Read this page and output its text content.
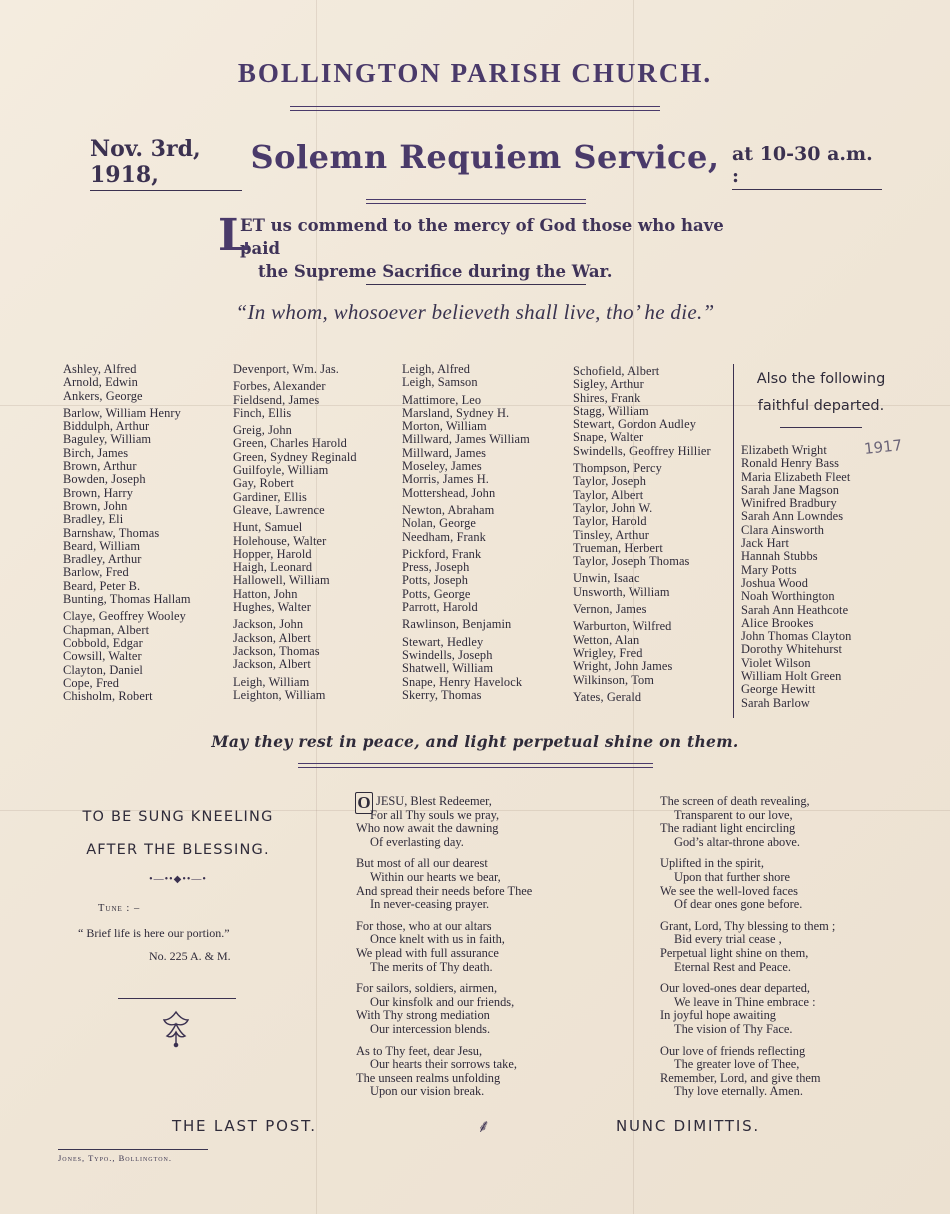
BOLLINGTON PARISH CHURCH.
Nov. 3rd, 1918,	Solemn Requiem Service, at 10-30 a.m. :
L
ET us commend to the mercy of God those who have paid
the Supreme Sacrifice during the War.
“In whom, whosoever believeth shall live, tho’ he die.”
Ashley, Alfred
Arnold, Edwin
Ankers, George
Barlow, William Henry
Biddulph, Arthur
Baguley, William
Birch, James
Brown, Arthur
Bowden, Joseph
Brown, Harry
Brown, John
Bradley, Eli
Barnshaw, Thomas
Beard, William
Bradley, Arthur
Barlow, Fred
Beard, Peter B.
Bunting, Thomas Hallam
Claye, Geoffrey Wooley
Chapman, Albert
Cobbold, Edgar
Cowsill, Walter
Clayton, Daniel
Cope, Fred
Chisholm, Robert
Devenport, Wm. Jas.
Forbes, Alexander
Fieldsend, James
Finch, Ellis
Greig, John
Green, Charles Harold
Green, Sydney Reginald
Guilfoyle, William
Gay, Robert
Gardiner, Ellis
Gleave, Lawrence
Hunt, Samuel
Holehouse, Walter
Hopper, Harold
Haigh, Leonard
Hallowell, William
Hatton, John
Hughes, Walter
Jackson, John
Jackson, Albert
Jackson, Thomas
Jackson, Albert
Leigh, William
Leighton, William
Leigh, Alfred
Leigh, Samson
Mattimore, Leo
Marsland, Sydney H.
Morton, William
Millward, James William
Millward, James
Moseley, James
Morris, James H.
Mottershead, John
Newton, Abraham
Nolan, George
Needham, Frank
Pickford, Frank
Press, Joseph
Potts, Joseph
Potts, George
Parrott, Harold
Rawlinson, Benjamin
Stewart, Hedley
Swindells, Joseph
Shatwell, William
Snape, Henry Havelock
Skerry, Thomas
Schofield, Albert
Sigley, Arthur
Shires, Frank
Stagg, William
Stewart, Gordon Audley
Snape, Walter
Swindells, Geoffrey Hillier
Thompson, Percy
Taylor, Joseph
Taylor, Albert
Taylor, John W.
Taylor, Harold
Tinsley, Arthur
Trueman, Herbert
Taylor, Joseph Thomas
Unwin, Isaac
Unsworth, William
Vernon, James
Warburton, Wilfred
Wetton, Alan
Wrigley, Fred
Wright, John James
Wilkinson, Tom
Yates, Gerald
Also the following
faithful departed.
1917
Elizabeth Wright
Ronald Henry Bass
Maria Elizabeth Fleet
Sarah Jane Magson
Winifred Bradbury
Sarah Ann Lowndes
Clara Ainsworth
Jack Hart
Hannah Stubbs
Mary Potts
Joshua Wood
Noah Worthington
Sarah Ann Heathcote
Alice Brookes
John Thomas Clayton
Dorothy Whitehurst
Violet Wilson
William Holt Green
George Hewitt
Sarah Barlow
May they rest in peace, and light perpetual shine on them.
TO BE SUNG KNEELING
AFTER THE BLESSING.
•—••◆••—•
Tune : –
“ Brief life is here our portion.”
No. 225 A. & M.
O JESU, Blest Redeemer,
For all Thy souls we pray,
Who now await the dawning
Of everlasting day.
But most of all our dearest
Within our hearts we bear,
And spread their needs before Thee
In never-ceasing prayer.
For those, who at our altars
Once knelt with us in faith,
We plead with full assurance
The merits of Thy death.
For sailors, soldiers, airmen,
Our kinsfolk and our friends,
With Thy strong mediation
Our intercession blends.
As to Thy feet, dear Jesu,
Our hearts their sorrows take,
The unseen realms unfolding
Upon our vision break.
The screen of death revealing,
Transparent to our love,
The radiant light encircling
God’s altar-throne above.
Uplifted in the spirit,
Upon that further shore
We see the well-loved faces
Of dear ones gone before.
Grant, Lord, Thy blessing to them ;
Bid every trial cease ,
Perpetual light shine on them,
Eternal Rest and Peace.
Our loved-ones dear departed,
We leave in Thine embrace :
In joyful hope awaiting
The vision of Thy Face.
Our love of friends reflecting
The greater love of Thee,
Remember, Lord, and give them
Thy love eternally. Amen.
THE LAST POST.	⸙	NUNC DIMITTIS.
Jones, Typo., Bollington.
